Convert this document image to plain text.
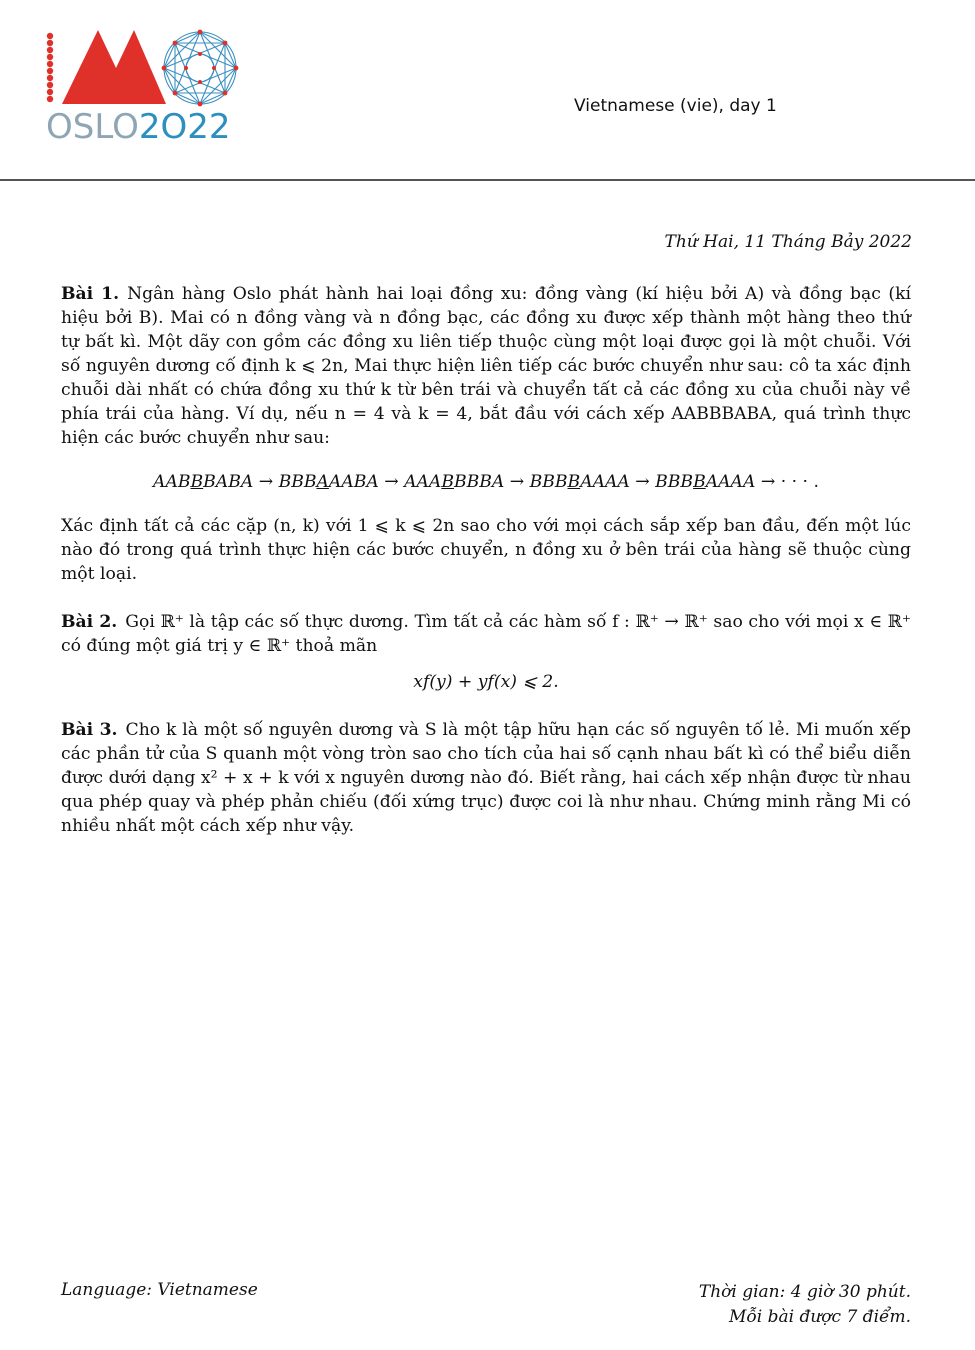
OSLO2O22
Vietnamese (vie), day 1
Thứ Hai, 11 Tháng Bảy 2022

Bài 1. Ngân hàng Oslo phát hành hai loại đồng xu: đồng vàng (kí hiệu bởi A) và đồng bạc (kí hiệu bởi B). Mai có n đồng vàng và n đồng bạc, các đồng xu được xếp thành một hàng theo thứ tự bất kì. Một dãy con gồm các đồng xu liên tiếp thuộc cùng một loại được gọi là một chuỗi. Với số nguyên dương cố định k ⩽ 2n, Mai thực hiện liên tiếp các bước chuyển như sau: cô ta xác định chuỗi dài nhất có chứa đồng xu thứ k từ bên trái và chuyển tất cả các đồng xu của chuỗi này về phía trái của hàng. Ví dụ, nếu n = 4 và k = 4, bắt đầu với cách xếp AABBBABA, quá trình thực hiện các bước chuyển như sau:

AABBBABA → BBBAAABA → AAABBBBA → BBBBAAAA → BBBBAAAA → · · · .

Xác định tất cả các cặp (n, k) với 1 ⩽ k ⩽ 2n sao cho với mọi cách sắp xếp ban đầu, đến một lúc nào đó trong quá trình thực hiện các bước chuyển, n đồng xu ở bên trái của hàng sẽ thuộc cùng một loại.

Bài 2. Gọi ℝ⁺ là tập các số thực dương. Tìm tất cả các hàm số f : ℝ⁺ → ℝ⁺ sao cho với mọi x ∈ ℝ⁺ có đúng một giá trị y ∈ ℝ⁺ thoả mãn

xf(y) + yf(x) ⩽ 2.

Bài 3. Cho k là một số nguyên dương và S là một tập hữu hạn các số nguyên tố lẻ. Mi muốn xếp các phần tử của S quanh một vòng tròn sao cho tích của hai số cạnh nhau bất kì có thể biểu diễn được dưới dạng x² + x + k với x nguyên dương nào đó. Biết rằng, hai cách xếp nhận được từ nhau qua phép quay và phép phản chiếu (đối xứng trục) được coi là như nhau. Chứng minh rằng Mi có nhiều nhất một cách xếp như vậy.

Language: Vietnamese	Thời gian: 4 giờ 30 phút.
Mỗi bài được 7 điểm.
